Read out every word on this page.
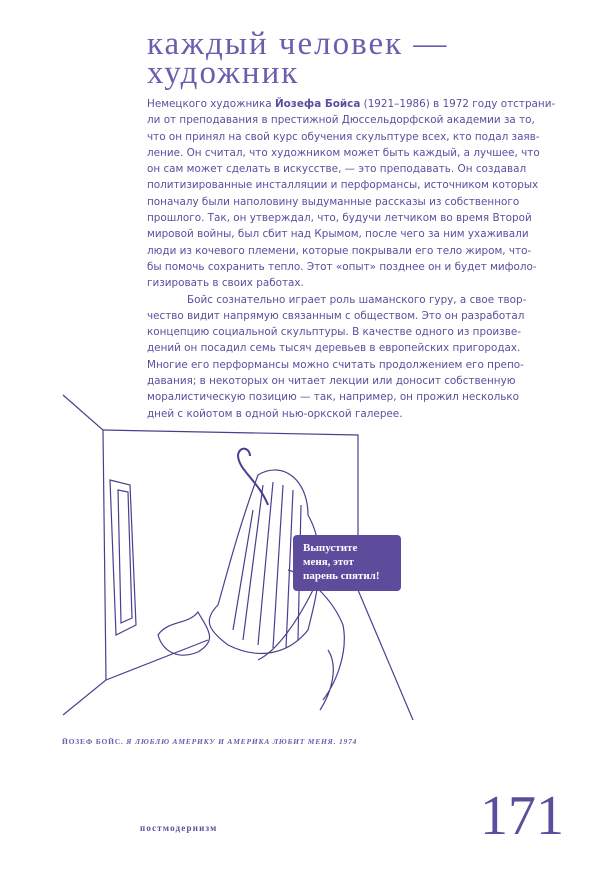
каждый человек —
художник
Немецкого художника Йозефа Бойса (1921–1986) в 1972 году отстрани-
ли от преподавания в престижной Дюссельдорфской академии за то,
что он принял на свой курс обучения скульптуре всех, кто подал заяв-
ление. Он считал, что художником может быть каждый, а лучшее, что
он сам может сделать в искусстве, — это преподавать. Он создавал
политизированные инсталляции и перформансы, источником которых
поначалу были наполовину выдуманные рассказы из собственного
прошлого. Так, он утверждал, что, будучи летчиком во время Второй
мировой войны, был сбит над Крымом, после чего за ним ухаживали
люди из кочевого племени, которые покрывали его тело жиром, что-
бы помочь сохранить тепло. Этот «опыт» позднее он и будет мифоло-
гизировать в своих работах.
Бойс сознательно играет роль шаманского гуру, а свое твор-
чество видит напрямую связанным с обществом. Это он разработал
концепцию социальной скульптуры. В качестве одного из произве-
дений он посадил семь тысяч деревьев в европейских пригородах.
Многие его перформансы можно считать продолжением его препо-
давания; в некоторых он читает лекции или доносит собственную
моралистическую позицию — так, например, он прожил несколько
дней с койотом в одной нью-оркской галерее.
Выпустите
меня, этот
парень спятил!
ЙОЗЕФ БОЙС. Я ЛЮБЛЮ АМЕРИКУ И АМЕРИКА ЛЮБИТ МЕНЯ. 1974
постмодернизм	171
